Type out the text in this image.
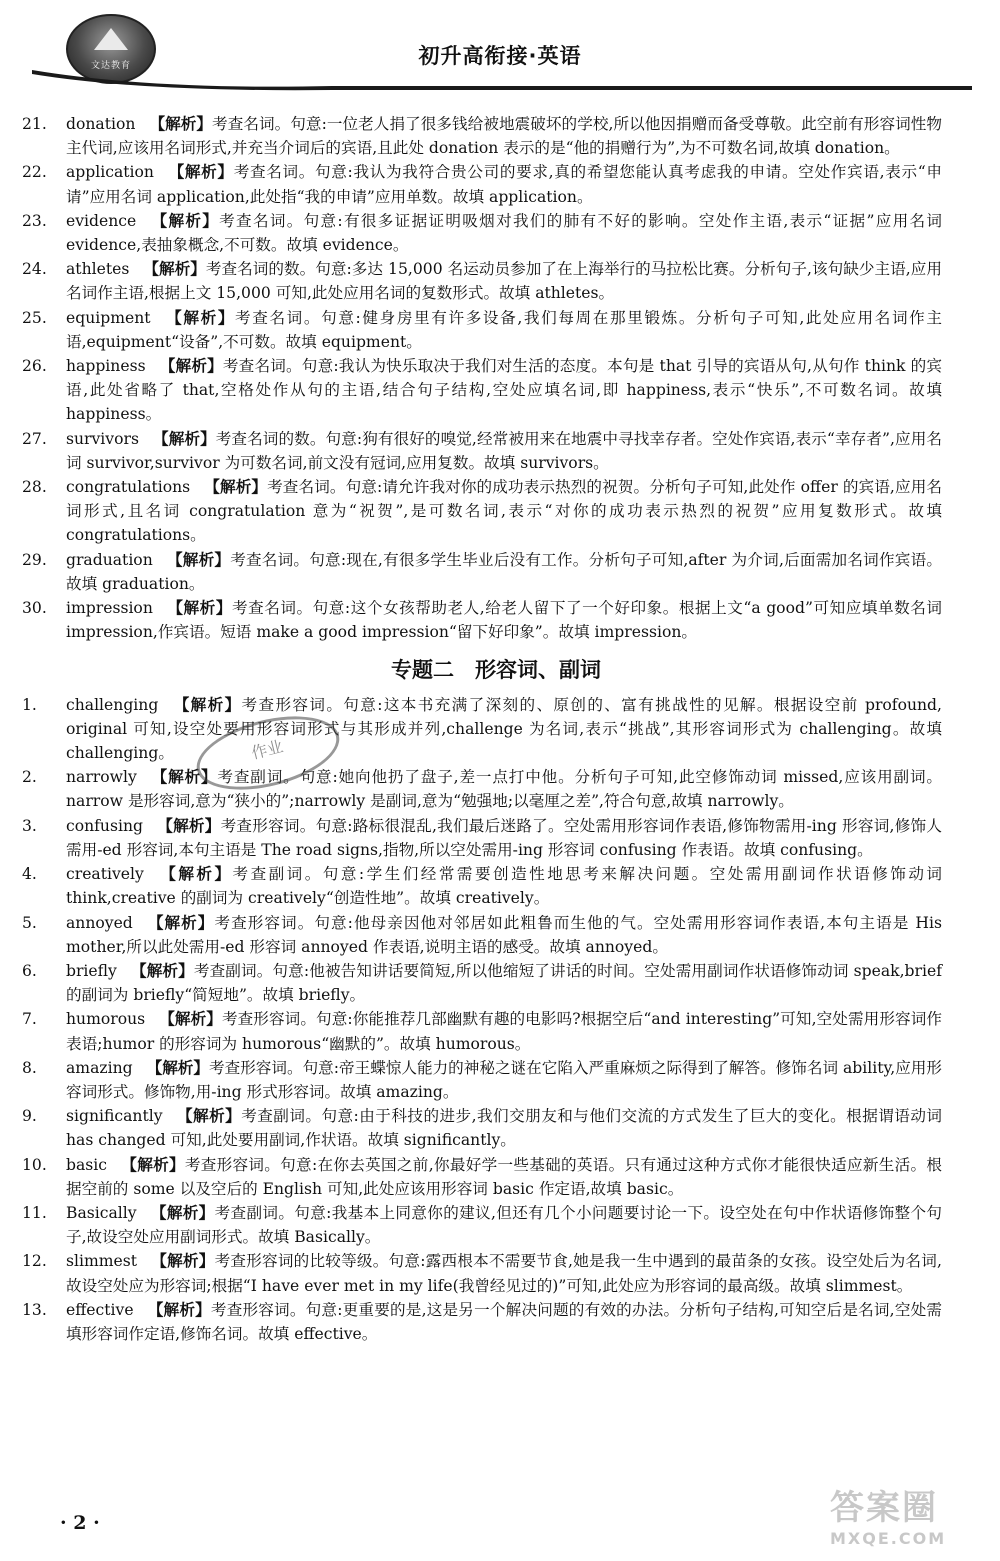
文达教育	初升高衔接·英语
21.	donation 【解析】考查名词。句意:一位老人捐了很多钱给被地震破坏的学校,所以他因捐赠而备受尊敬。此空前有形容词性物主代词,应该用名词形式,并充当介词后的宾语,且此处 donation 表示的是“他的捐赠行为”,为不可数名词,故填 donation。
22.	application 【解析】考查名词。句意:我认为我符合贵公司的要求,真的希望您能认真考虑我的申请。空处作宾语,表示“申请”应用名词 application,此处指“我的申请”应用单数。故填 application。
23.	evidence 【解析】考查名词。句意:有很多证据证明吸烟对我们的肺有不好的影响。空处作主语,表示“证据”应用名词 evidence,表抽象概念,不可数。故填 evidence。
24.	athletes 【解析】考查名词的数。句意:多达 15,000 名运动员参加了在上海举行的马拉松比赛。分析句子,该句缺少主语,应用名词作主语,根据上文 15,000 可知,此处应用名词的复数形式。故填 athletes。
25.	equipment 【解析】考查名词。句意:健身房里有许多设备,我们每周在那里锻炼。分析句子可知,此处应用名词作主语,equipment“设备”,不可数。故填 equipment。
26.	happiness 【解析】考查名词。句意:我认为快乐取决于我们对生活的态度。本句是 that 引导的宾语从句,从句作 think 的宾语,此处省略了 that,空格处作从句的主语,结合句子结构,空处应填名词,即 happiness,表示“快乐”,不可数名词。故填 happiness。
27.	survivors 【解析】考查名词的数。句意:狗有很好的嗅觉,经常被用来在地震中寻找幸存者。空处作宾语,表示“幸存者”,应用名词 survivor,survivor 为可数名词,前文没有冠词,应用复数。故填 survivors。
28.	congratulations 【解析】考查名词。句意:请允许我对你的成功表示热烈的祝贺。分析句子可知,此处作 offer 的宾语,应用名词形式,且名词 congratulation 意为“祝贺”,是可数名词,表示“对你的成功表示热烈的祝贺”应用复数形式。故填 congratulations。
29.	graduation 【解析】考查名词。句意:现在,有很多学生毕业后没有工作。分析句子可知,after 为介词,后面需加名词作宾语。故填 graduation。
30.	impression 【解析】考查名词。句意:这个女孩帮助老人,给老人留下了一个好印象。根据上文“a good”可知应填单数名词 impression,作宾语。短语 make a good impression“留下好印象”。故填 impression。
专题二　形容词、副词
1.	challenging 【解析】考查形容词。句意:这本书充满了深刻的、原创的、富有挑战性的见解。根据设空前 profound, original 可知,设空处要用形容词形式与其形成并列,challenge 为名词,表示“挑战”,其形容词形式为 challenging。故填 challenging。
2.	narrowly 【解析】考查副词。句意:她向他扔了盘子,差一点打中他。分析句子可知,此空修饰动词 missed,应该用副词。narrow 是形容词,意为“狭小的”;narrowly 是副词,意为“勉强地;以毫厘之差”,符合句意,故填 narrowly。
3.	confusing 【解析】考查形容词。句意:路标很混乱,我们最后迷路了。空处需用形容词作表语,修饰物需用-ing 形容词,修饰人需用-ed 形容词,本句主语是 The road signs,指物,所以空处需用-ing 形容词 confusing 作表语。故填 confusing。
4.	creatively 【解析】考查副词。句意:学生们经常需要创造性地思考来解决问题。空处需用副词作状语修饰动词 think,creative 的副词为 creatively“创造性地”。故填 creatively。
5.	annoyed 【解析】考查形容词。句意:他母亲因他对邻居如此粗鲁而生他的气。空处需用形容词作表语,本句主语是 His mother,所以此处需用-ed 形容词 annoyed 作表语,说明主语的感受。故填 annoyed。
6.	briefly 【解析】考查副词。句意:他被告知讲话要简短,所以他缩短了讲话的时间。空处需用副词作状语修饰动词 speak,brief 的副词为 briefly“简短地”。故填 briefly。
7.	humorous 【解析】考查形容词。句意:你能推荐几部幽默有趣的电影吗?根据空后“and interesting”可知,空处需用形容词作表语;humor 的形容词为 humorous“幽默的”。故填 humorous。
8.	amazing 【解析】考查形容词。句意:帝王蝶惊人能力的神秘之谜在它陷入严重麻烦之际得到了解答。修饰名词 ability,应用形容词形式。修饰物,用-ing 形式形容词。故填 amazing。
9.	significantly 【解析】考查副词。句意:由于科技的进步,我们交朋友和与他们交流的方式发生了巨大的变化。根据谓语动词 has changed 可知,此处要用副词,作状语。故填 significantly。
10.	basic 【解析】考查形容词。句意:在你去英国之前,你最好学一些基础的英语。只有通过这种方式你才能很快适应新生活。根据空前的 some 以及空后的 English 可知,此处应该用形容词 basic 作定语,故填 basic。
11.	Basically 【解析】考查副词。句意:我基本上同意你的建议,但还有几个小问题要讨论一下。设空处在句中作状语修饰整个句子,故设空处应用副词形式。故填 Basically。
12.	slimmest 【解析】考查形容词的比较等级。句意:露西根本不需要节食,她是我一生中遇到的最苗条的女孩。设空处后为名词,故设空处应为形容词;根据“I have ever met in my life(我曾经见过的)”可知,此处应为形容词的最高级。故填 slimmest。
13.	effective 【解析】考查形容词。句意:更重要的是,这是另一个解决问题的有效的办法。分析句子结构,可知空后是名词,空处需填形容词作定语,修饰名词。故填 effective。
作业
· 2 ·	答案圈
MXQE.COM
